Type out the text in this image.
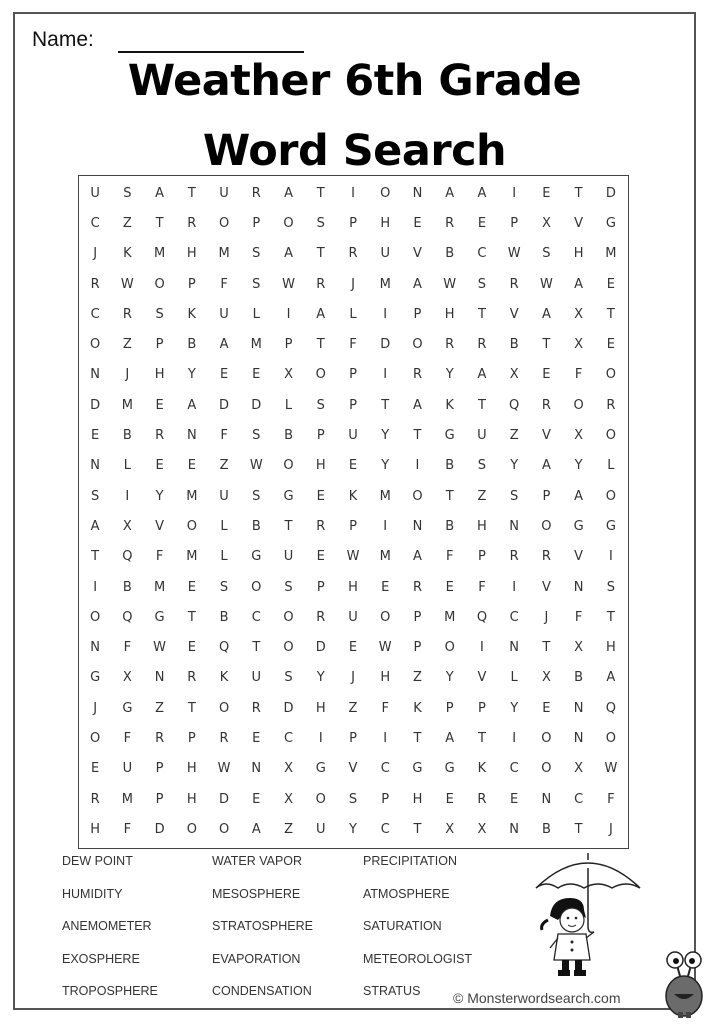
Name:
Weather 6th Grade
Word Search
U	S	A	T	U	R	A	T	I	O	N	A	A	I	E	T	D
C	Z	T	R	O	P	O	S	P	H	E	R	E	P	X	V	G
J	K	M	H	M	S	A	T	R	U	V	B	C	W	S	H	M
R	W	O	P	F	S	W	R	J	M	A	W	S	R	W	A	E
C	R	S	K	U	L	I	A	L	I	P	H	T	V	A	X	T
O	Z	P	B	A	M	P	T	F	D	O	R	R	B	T	X	E
N	J	H	Y	E	E	X	O	P	I	R	Y	A	X	E	F	O
D	M	E	A	D	D	L	S	P	T	A	K	T	Q	R	O	R
E	B	R	N	F	S	B	P	U	Y	T	G	U	Z	V	X	O
N	L	E	E	Z	W	O	H	E	Y	I	B	S	Y	A	Y	L
S	I	Y	M	U	S	G	E	K	M	O	T	Z	S	P	A	O
A	X	V	O	L	B	T	R	P	I	N	B	H	N	O	G	G
T	Q	F	M	L	G	U	E	W	M	A	F	P	R	R	V	I
I	B	M	E	S	O	S	P	H	E	R	E	F	I	V	N	S
O	Q	G	T	B	C	O	R	U	O	P	M	Q	C	J	F	T
N	F	W	E	Q	T	O	D	E	W	P	O	I	N	T	X	H
G	X	N	R	K	U	S	Y	J	H	Z	Y	V	L	X	B	A
J	G	Z	T	O	R	D	H	Z	F	K	P	P	Y	E	N	Q
O	F	R	P	R	E	C	I	P	I	T	A	T	I	O	N	O
E	U	P	H	W	N	X	G	V	C	G	G	K	C	O	X	W
R	M	P	H	D	E	X	O	S	P	H	E	R	E	N	C	F
H	F	D	O	O	A	Z	U	Y	C	T	X	X	N	B	T	J
DEW POINT	WATER VAPOR	PRECIPITATION
HUMIDITY	MESOSPHERE	ATMOSPHERE
ANEMOMETER	STRATOSPHERE	SATURATION
EXOSPHERE	EVAPORATION	METEOROLOGIST
TROPOSPHERE	CONDENSATION	STRATUS	© Monsterwordsearch.com
